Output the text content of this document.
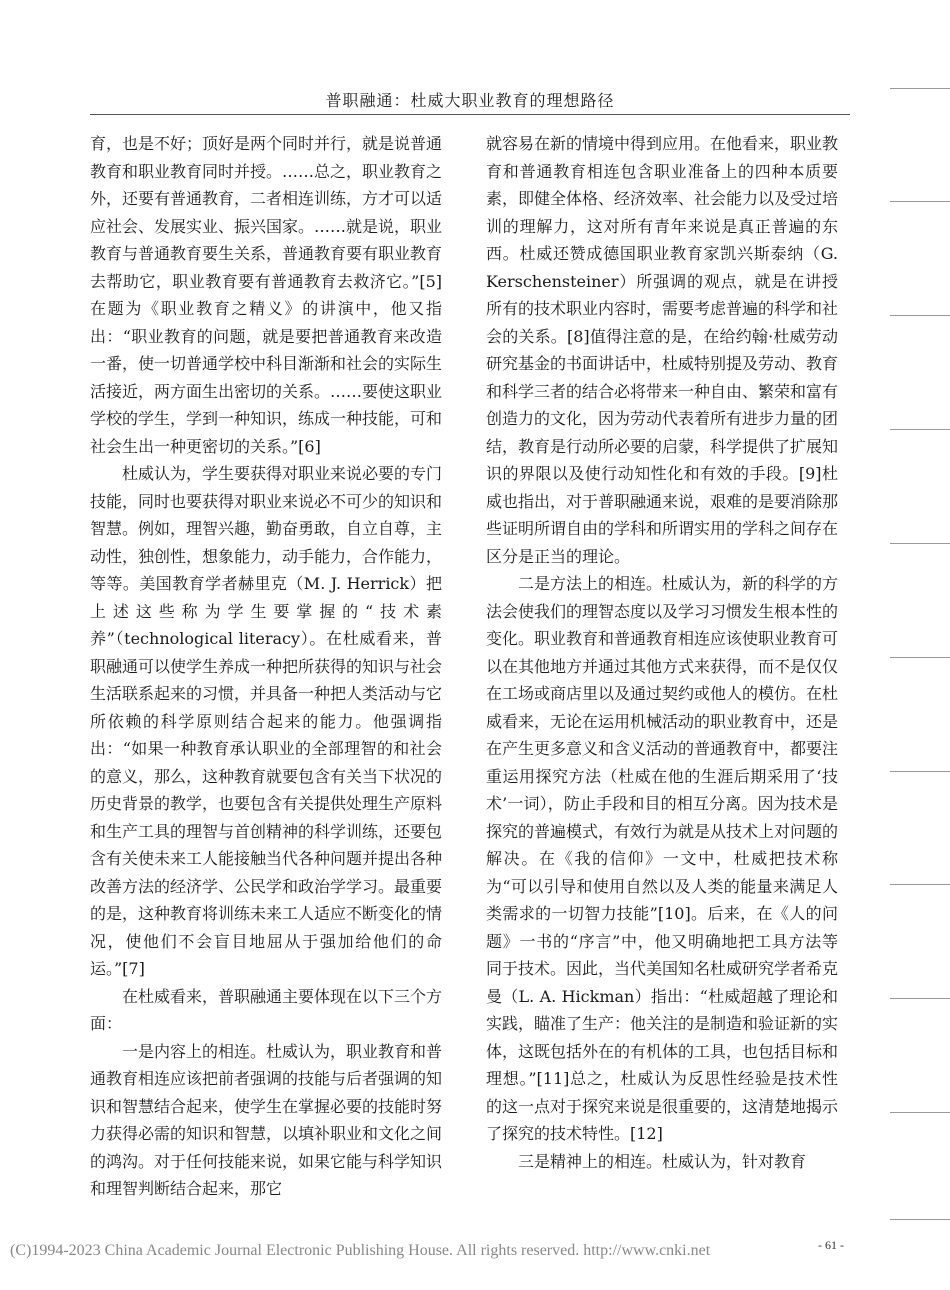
普职融通：杜威大职业教育的理想路径

育，也是不好；顶好是两个同时并行，就是说普通教育和职业教育同时并授。……总之，职业教育之外，还要有普通教育，二者相连训练，方才可以适应社会、发展实业、振兴国家。……就是说，职业教育与普通教育要生关系，普通教育要有职业教育去帮助它，职业教育要有普通教育去救济它。”[5]在题为《职业教育之精义》的讲演中，他又指出：“职业教育的问题，就是要把普通教育来改造一番，使一切普通学校中科目渐渐和社会的实际生活接近，两方面生出密切的关系。……要使这职业学校的学生，学到一种知识，练成一种技能，可和社会生出一种更密切的关系。”[6]

杜威认为，学生要获得对职业来说必要的专门技能，同时也要获得对职业来说必不可少的知识和智慧。例如，理智兴趣，勤奋勇敢，自立自尊，主动性，独创性，想象能力，动手能力，合作能力，等等。美国教育学者赫里克（M. J. Herrick）把上述这些称为学生要掌握的“技术素养”（technological literacy）。在杜威看来，普职融通可以使学生养成一种把所获得的知识与社会生活联系起来的习惯，并具备一种把人类活动与它所依赖的科学原则结合起来的能力。他强调指出：“如果一种教育承认职业的全部理智的和社会的意义，那么，这种教育就要包含有关当下状况的历史背景的教学，也要包含有关提供处理生产原料和生产工具的理智与首创精神的科学训练，还要包含有关使未来工人能接触当代各种问题并提出各种改善方法的经济学、公民学和政治学学习。最重要的是，这种教育将训练未来工人适应不断变化的情况，使他们不会盲目地屈从于强加给他们的命运。”[7]

在杜威看来，普职融通主要体现在以下三个方面：

一是内容上的相连。杜威认为，职业教育和普通教育相连应该把前者强调的技能与后者强调的知识和智慧结合起来，使学生在掌握必要的技能时努力获得必需的知识和智慧，以填补职业和文化之间的鸿沟。对于任何技能来说，如果它能与科学知识和理智判断结合起来，那它

就容易在新的情境中得到应用。在他看来，职业教育和普通教育相连包含职业准备上的四种本质要素，即健全体格、经济效率、社会能力以及受过培训的理解力，这对所有青年来说是真正普遍的东西。杜威还赞成德国职业教育家凯兴斯泰纳（G. Kerschensteiner）所强调的观点，就是在讲授所有的技术职业内容时，需要考虑普遍的科学和社会的关系。[8]值得注意的是，在给约翰·杜威劳动研究基金的书面讲话中，杜威特别提及劳动、教育和科学三者的结合必将带来一种自由、繁荣和富有创造力的文化，因为劳动代表着所有进步力量的团结，教育是行动所必要的启蒙，科学提供了扩展知识的界限以及使行动知性化和有效的手段。[9]杜威也指出，对于普职融通来说，艰难的是要消除那些证明所谓自由的学科和所谓实用的学科之间存在区分是正当的理论。

二是方法上的相连。杜威认为，新的科学的方法会使我们的理智态度以及学习习惯发生根本性的变化。职业教育和普通教育相连应该使职业教育可以在其他地方并通过其他方式来获得，而不是仅仅在工场或商店里以及通过契约或他人的模仿。在杜威看来，无论在运用机械活动的职业教育中，还是在产生更多意义和含义活动的普通教育中，都要注重运用探究方法（杜威在他的生涯后期采用了‘技术’一词），防止手段和目的相互分离。因为技术是探究的普遍模式，有效行为就是从技术上对问题的解决。在《我的信仰》一文中，杜威把技术称为“可以引导和使用自然以及人类的能量来满足人类需求的一切智力技能”[10]。后来，在《人的问题》一书的“序言”中，他又明确地把工具方法等同于技术。因此，当代美国知名杜威研究学者希克曼（L. A. Hickman）指出：“杜威超越了理论和实践，瞄准了生产：他关注的是制造和验证新的实体，这既包括外在的有机体的工具，也包括目标和理想。”[11]总之，杜威认为反思性经验是技术性的这一点对于探究来说是很重要的，这清楚地揭示了探究的技术特性。[12]

三是精神上的相连。杜威认为，针对教育

(C)1994-2023 China Academic Journal Electronic Publishing House. All rights reserved. http://www.cnki.net	- 61 -
